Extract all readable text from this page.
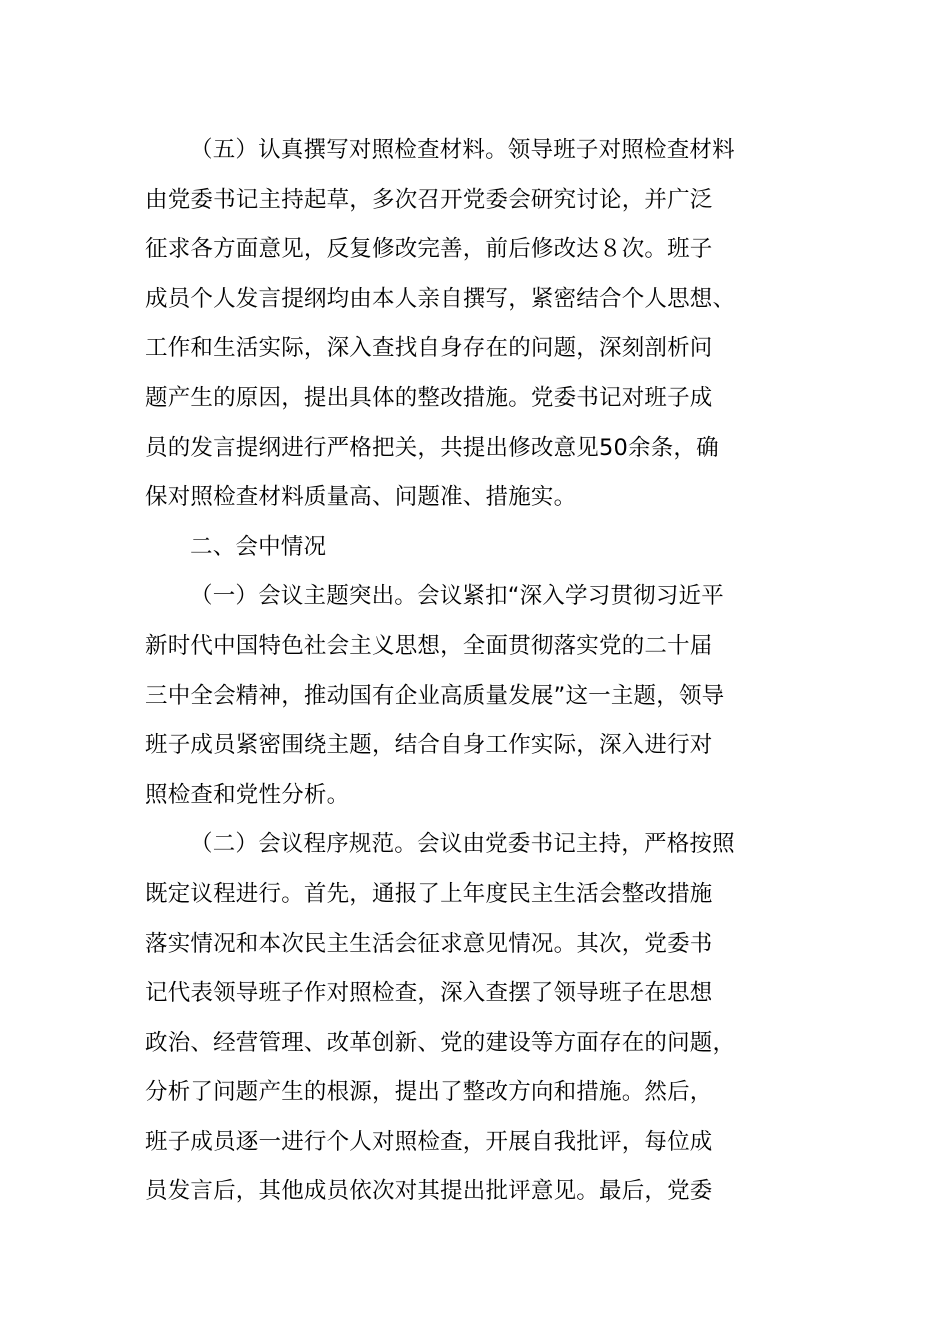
（五）认真撰写对照检查材料。领导班子对照检查材料
由党委书记主持起草，多次召开党委会研究讨论，并广泛
征求各方面意见，反复修改完善，前后修改达８次。班子
成员个人发言提纲均由本人亲自撰写，紧密结合个人思想、
工作和生活实际，深入查找自身存在的问题，深刻剖析问
题产生的原因，提出具体的整改措施。党委书记对班子成
员的发言提纲进行严格把关，共提出修改意见50余条，确
保对照检查材料质量高、问题准、措施实。
二、会中情况
（一）会议主题突出。会议紧扣“深入学习贯彻习近平
新时代中国特色社会主义思想，全面贯彻落实党的二十届
三中全会精神，推动国有企业高质量发展”这一主题，领导
班子成员紧密围绕主题，结合自身工作实际，深入进行对
照检查和党性分析。
（二）会议程序规范。会议由党委书记主持，严格按照
既定议程进行。首先，通报了上年度民主生活会整改措施
落实情况和本次民主生活会征求意见情况。其次，党委书
记代表领导班子作对照检查，深入查摆了领导班子在思想
政治、经营管理、改革创新、党的建设等方面存在的问题，
分析了问题产生的根源，提出了整改方向和措施。然后，
班子成员逐一进行个人对照检查，开展自我批评，每位成
员发言后，其他成员依次对其提出批评意见。最后，党委
